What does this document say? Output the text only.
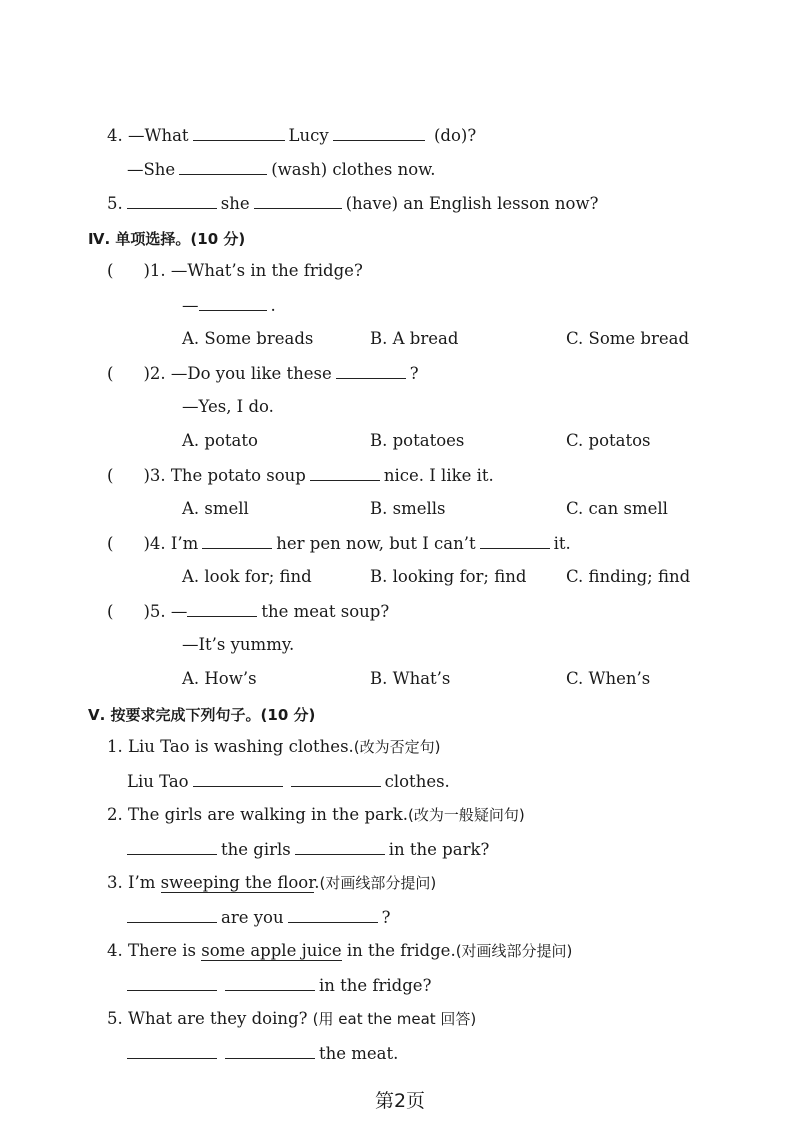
4. —What	Lucy	(do)?
—She	(wash) clothes now.
5.	she	(have) an English lesson now?
Ⅳ. 单项选择。(10 分)
( )1. —What’s in the fridge?
—	.
A. Some breads	B. A bread	C. Some bread
( )2. —Do you like these	?
—Yes, I do.
A. potato	B. potatoes	C. potatos
( )3. The potato soup	nice. I like it.
A. smell	B. smells	C. can smell
( )4. I’m	her pen now, but I can’t	it.
A. look for; find	B. looking for; find C. finding; find
( )5. —	the meat soup?
—It’s yummy.
A. How’s	B. What’s	C. When’s
Ⅴ. 按要求完成下列句子。(10 分)
1. Liu Tao is washing clothes.(改为否定句)
Liu Tao	clothes.
2. The girls are walking in the park.(改为一般疑问句)
the girls	in the park?
3. I’m sweeping the floor.(对画线部分提问)
are you	?
4. There is some apple juice in the fridge.(对画线部分提问)
in the fridge?
5. What are they doing? (用 eat the meat 回答)
the meat.
第2页
